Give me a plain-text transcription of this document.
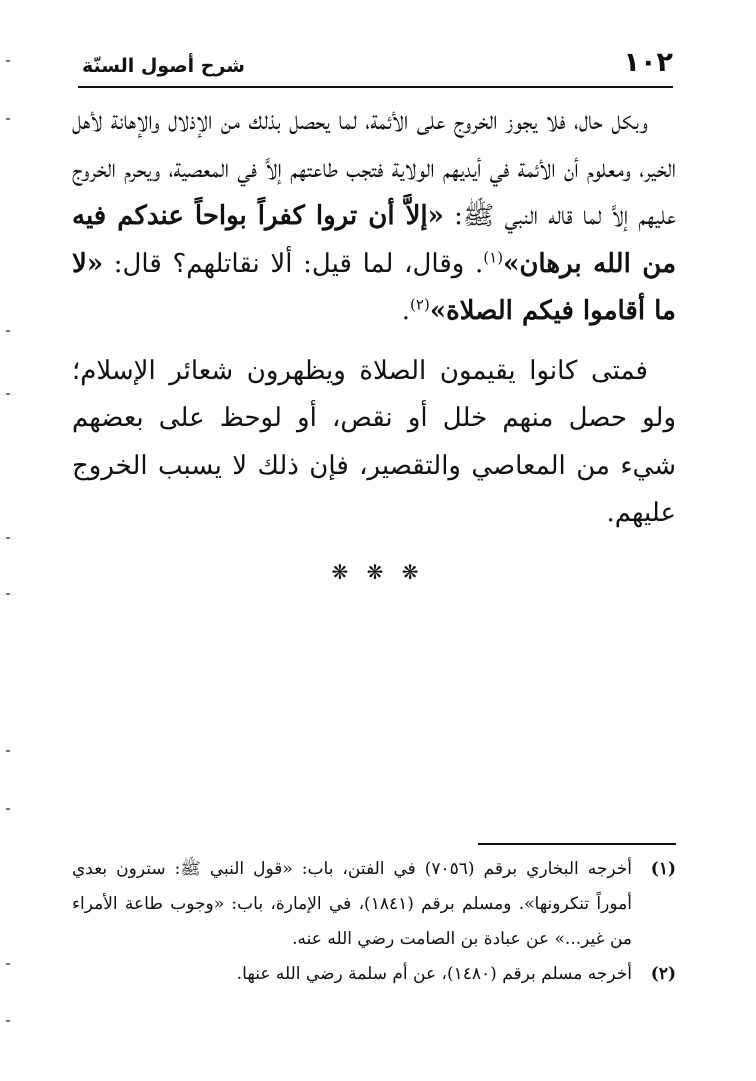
١٠٢
شرح أصول السنّة

وبكل حال، فلا يجوز الخروج على الأئمة، لما يحصل بذلك من الإذلال والإهانة لأهل الخير، ومعلوم أن الأئمة في أيديهم الولاية فتجب طاعتهم إلاَّ في المعصية، ويحرم الخروج عليهم إلاَّ لما قاله النبي ﷺ: «إلاَّ أن تروا كفراً بواحاً عندكم فيه من الله برهان»$^{(١)}$. وقال، لما قيل: ألا نقاتلهم؟ قال: «لا ما أقاموا فيكم الصلاة»$^{(٢)}$.

فمتى كانوا يقيمون الصلاة ويظهرون شعائر الإسلام؛ ولو حصل منهم خلل أو نقص، أو لوحظ على بعضهم شيء من المعاصي والتقصير، فإن ذلك لا يسبب الخروج عليهم.

❋ ❋ ❋
(١)
أخرجه البخاري برقم (٧٠٥٦) في الفتن، باب: «قول النبي ﷺ: سترون بعدي أموراً تنكرونها». ومسلم برقم (١٨٤١)، في الإمارة، باب: «وجوب طاعة الأمراء من غير...» عن عبادة بن الصامت رضي الله عنه.
(٢)
أخرجه مسلم برقم (١٤٨٠)، عن أم سلمة رضي الله عنها.
